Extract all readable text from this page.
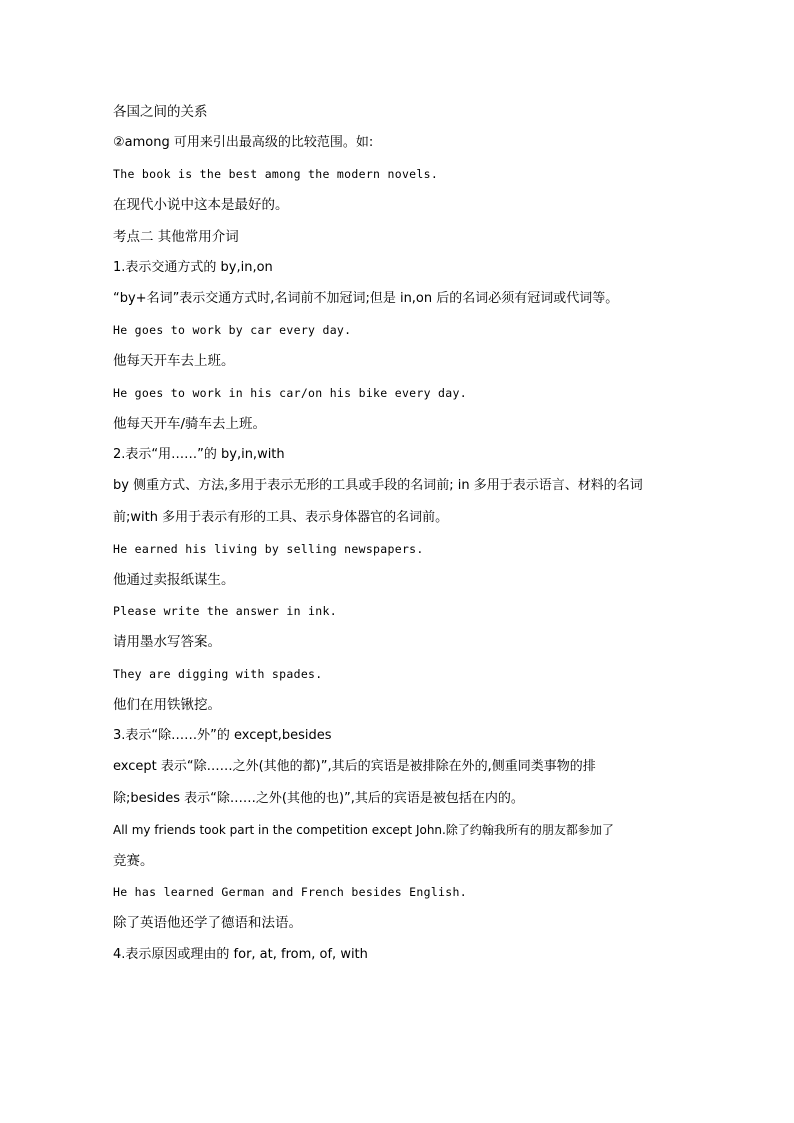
各国之间的关系
②among 可用来引出最高级的比较范围。如:
The book is the best among the modern novels.
在现代小说中这本是最好的。
考点二 其他常用介词
1.表示交通方式的 by,in,on
“by+名词”表示交通方式时,名词前不加冠词;但是 in,on 后的名词必须有冠词或代词等。
He goes to work by car every day.
他每天开车去上班。
He goes to work in his car/on his bike every day.
他每天开车/骑车去上班。
2.表示“用……”的 by,in,with
by 侧重方式、方法,多用于表示无形的工具或手段的名词前; in 多用于表示语言、材料的名词
前;with 多用于表示有形的工具、表示身体器官的名词前。
He earned his living by selling newspapers.
他通过卖报纸谋生。
Please write the answer in ink.
请用墨水写答案。
They are digging with spades.
他们在用铁锹挖。
3.表示“除……外”的 except,besides
except 表示“除……之外(其他的都)”,其后的宾语是被排除在外的,侧重同类事物的排
除;besides 表示“除……之外(其他的也)”,其后的宾语是被包括在内的。
All my friends took part in the competition except John.除了约翰我所有的朋友都参加了
竞赛。
He has learned German and French besides English.
除了英语他还学了德语和法语。
4.表示原因或理由的 for, at, from, of, with
